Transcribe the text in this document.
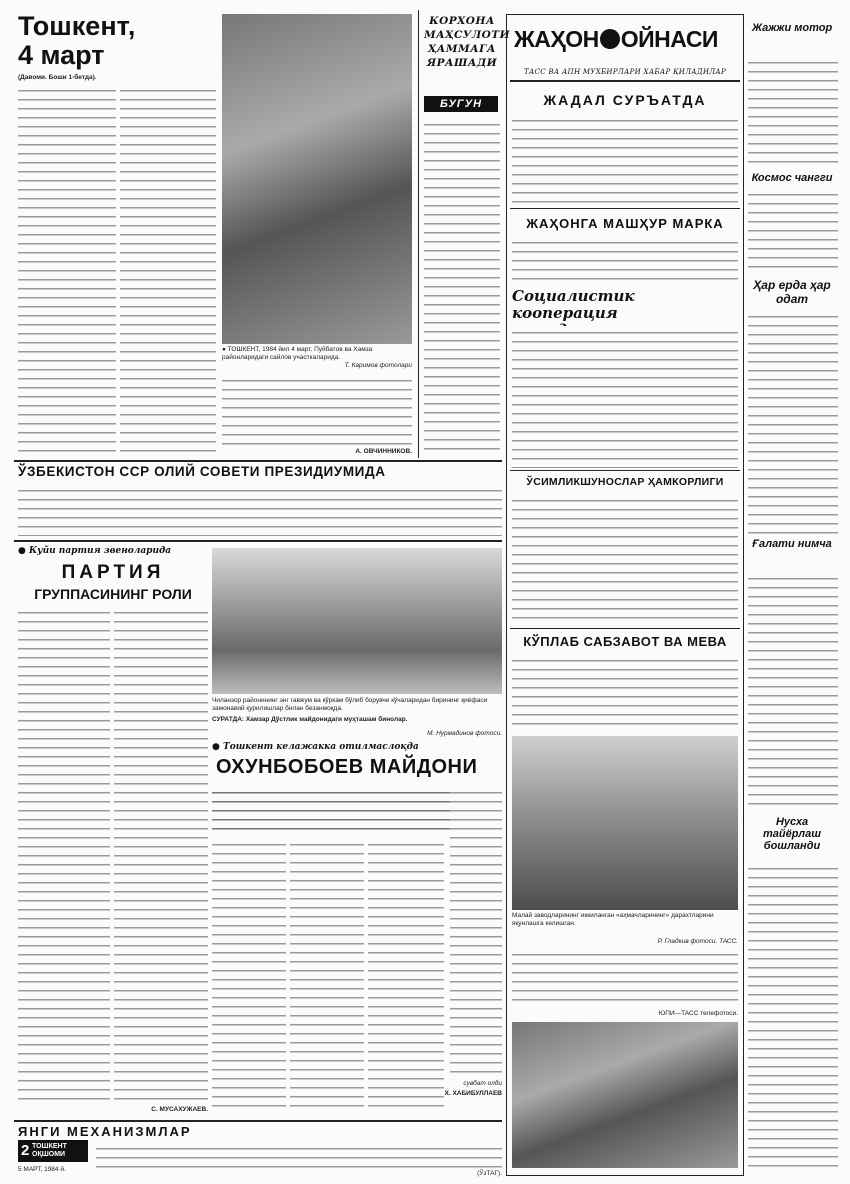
Тошкент,
4 март
(Давоми. Боши 1-бетда).
● ТОШКЕНТ, 1984 йил 4 март. Пуйбатов ва Хамза районларидаги сайлов участкаларида.
Т. Каримов фотолари
А. ОВЧИННИКОВ.
КОРХОНА МАҲСУЛОТИ ҲАММАГА ЯРАШАДИ
БУГУН
ЎЗБЕКИСТОН ССР ОЛИЙ СОВЕТИ ПРЕЗИДИУМИДА
● Куйи партия звеноларида
ПАРТИЯ
ГРУППАСИНИНГ РОЛИ
С. МУСАХУЖАЕВ.
Чиланзор районининг энг гавжум ва кўркам бўлиб борувчи кўчаларидан бирининг қиёфаси замонавий қурилишлар билан безанмоқда.
СУРАТДА: Хамзар Дўстлик майдонидаги муҳташам бинолар.
М. Нурмадинов фотоси.
● Тошкент келажакка отилмаслоқда
ОХУНБОБОЕВ МАЙДОНИ
сувбат олди
Х. ХАБИБУЛЛАЕВ
ЯНГИ МЕХАНИЗМЛАР
(ЎзТАГ).
2 ТОШКЕНТ ОҚШОМИ
5 МАРТ, 1984 й.
ЖАҲОН ОЙНАСИ
ТАСС ВА АПН МУХБИРЛАРИ ХАБАР ҚИЛАДИЛАР
ЖАДАЛ СУРЪАТДА
ЖАҲОНГА МАШҲУР МАРКА
Социалистик
кооперация
ЎСИМЛИКШУНОСЛАР ҲАМКОРЛИГИ
КЎПЛАБ САБЗАВОТ ВА МЕВА
Малай заводларининг иккиланган «аҳмачларининг» дарахтларини яқунлашга келишган.
Р. Гладкив фотоси. ТАСС.
ЮПИ—ТАСС телефотоси.
Жажжи мотор
Космос чангги
Ҳар ерда ҳар одат
Ғалати нимча
Нусха тайёрлаш бошланди
